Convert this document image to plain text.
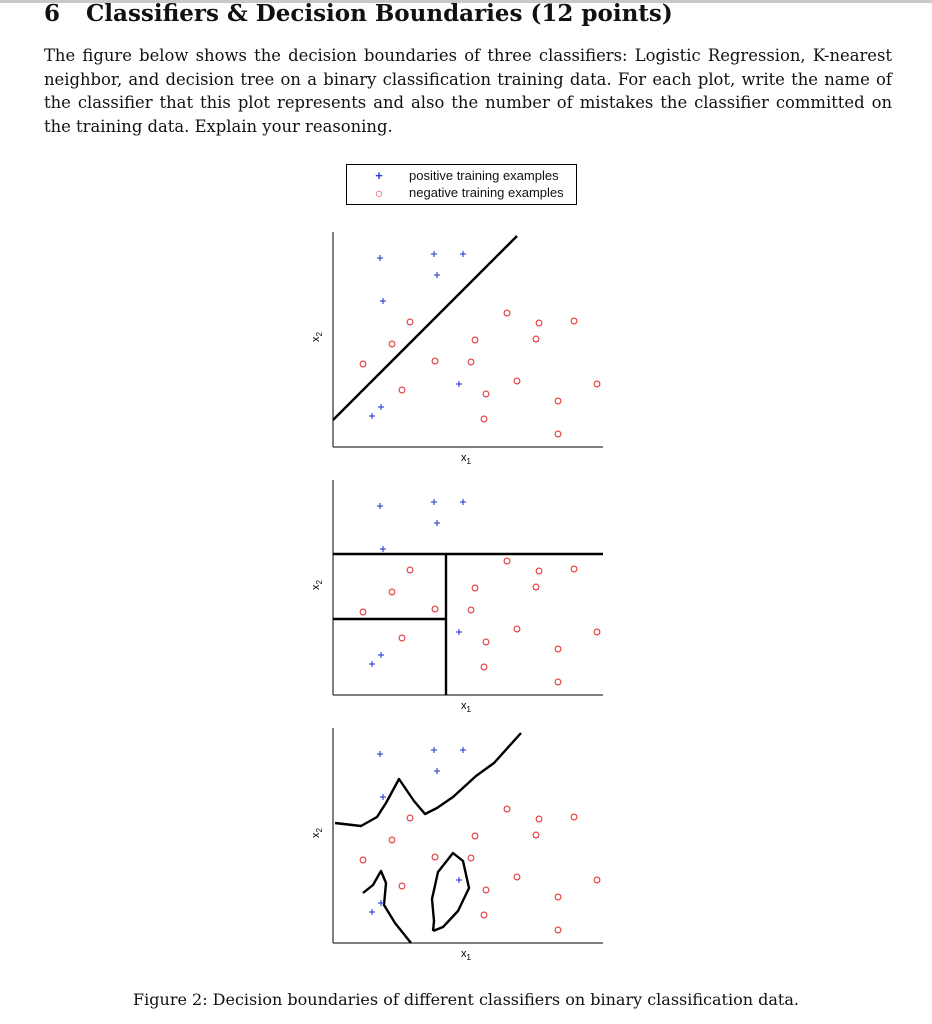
6 Classifiers & Decision Boundaries (12 points)
The figure below shows the decision boundaries of three classifiers: Logistic Regression, K-nearest neighbor, and decision tree on a binary classification training data. For each plot, write the name of the classifier that this plot represents and also the number of mistakes the classifier committed on the training data. Explain your reasoning.
+	positive training examples
○ negative training examples
$x_1$
$x_2$
$x_1$
$x_2$
$x_1$
$x_2$
Figure 2: Decision boundaries of different classifiers on binary classification data.
